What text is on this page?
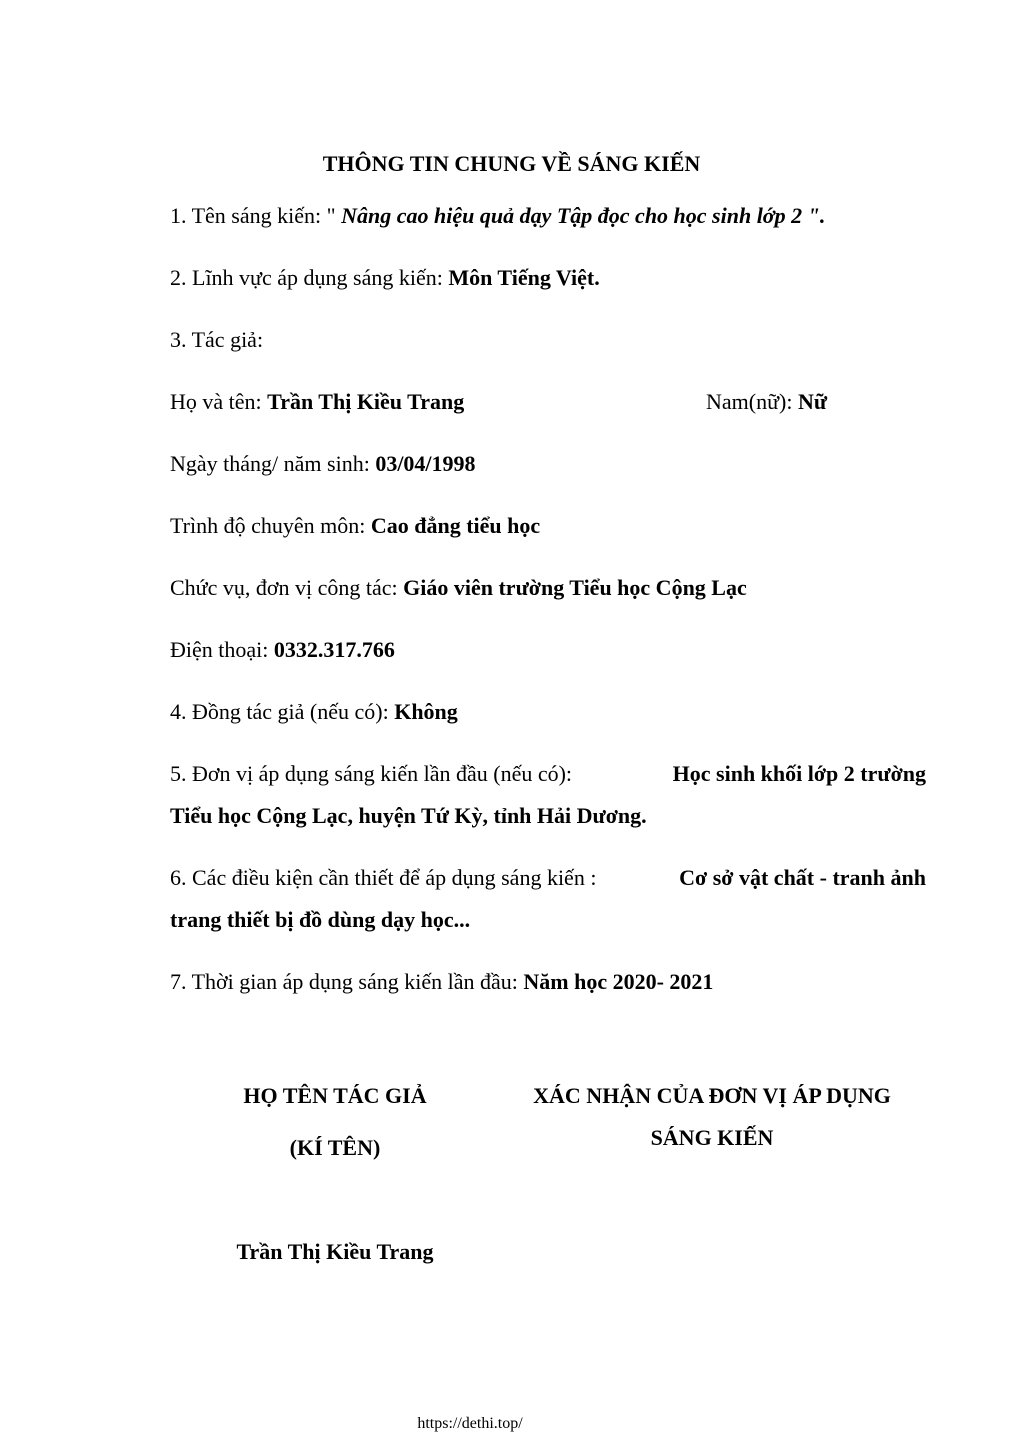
THÔNG TIN CHUNG VỀ SÁNG KIẾN
1. Tên sáng kiến: " Nâng cao hiệu quả dạy Tập đọc cho học sinh lớp 2 ".
2. Lĩnh vực áp dụng sáng kiến: Môn Tiếng Việt.
3. Tác giả:
Họ và tên: Trần Thị Kiều Trang	Nam(nữ): Nữ
Ngày tháng/ năm sinh: 03/04/1998
Trình độ chuyên môn: Cao đẳng tiểu học
Chức vụ, đơn vị công tác: Giáo viên trường Tiểu học Cộng Lạc
Điện thoại: 0332.317.766
4. Đồng tác giả (nếu có): Không
5. Đơn vị áp dụng sáng kiến lần đầu (nếu có):	Học sinh khối lớp 2 trường
Tiểu học Cộng Lạc, huyện Tứ Kỳ, tỉnh Hải Dương.
6. Các điều kiện cần thiết để áp dụng sáng kiến :	Cơ sở vật chất - tranh ảnh
trang thiết bị đồ dùng dạy học...
7. Thời gian áp dụng sáng kiến lần đầu: Năm học 2020- 2021
HỌ TÊN TÁC GIẢ
(KÍ TÊN)
Trần Thị Kiều Trang
XÁC NHẬN CỦA ĐƠN VỊ ÁP DỤNG
SÁNG KIẾN
https://dethi.top/
